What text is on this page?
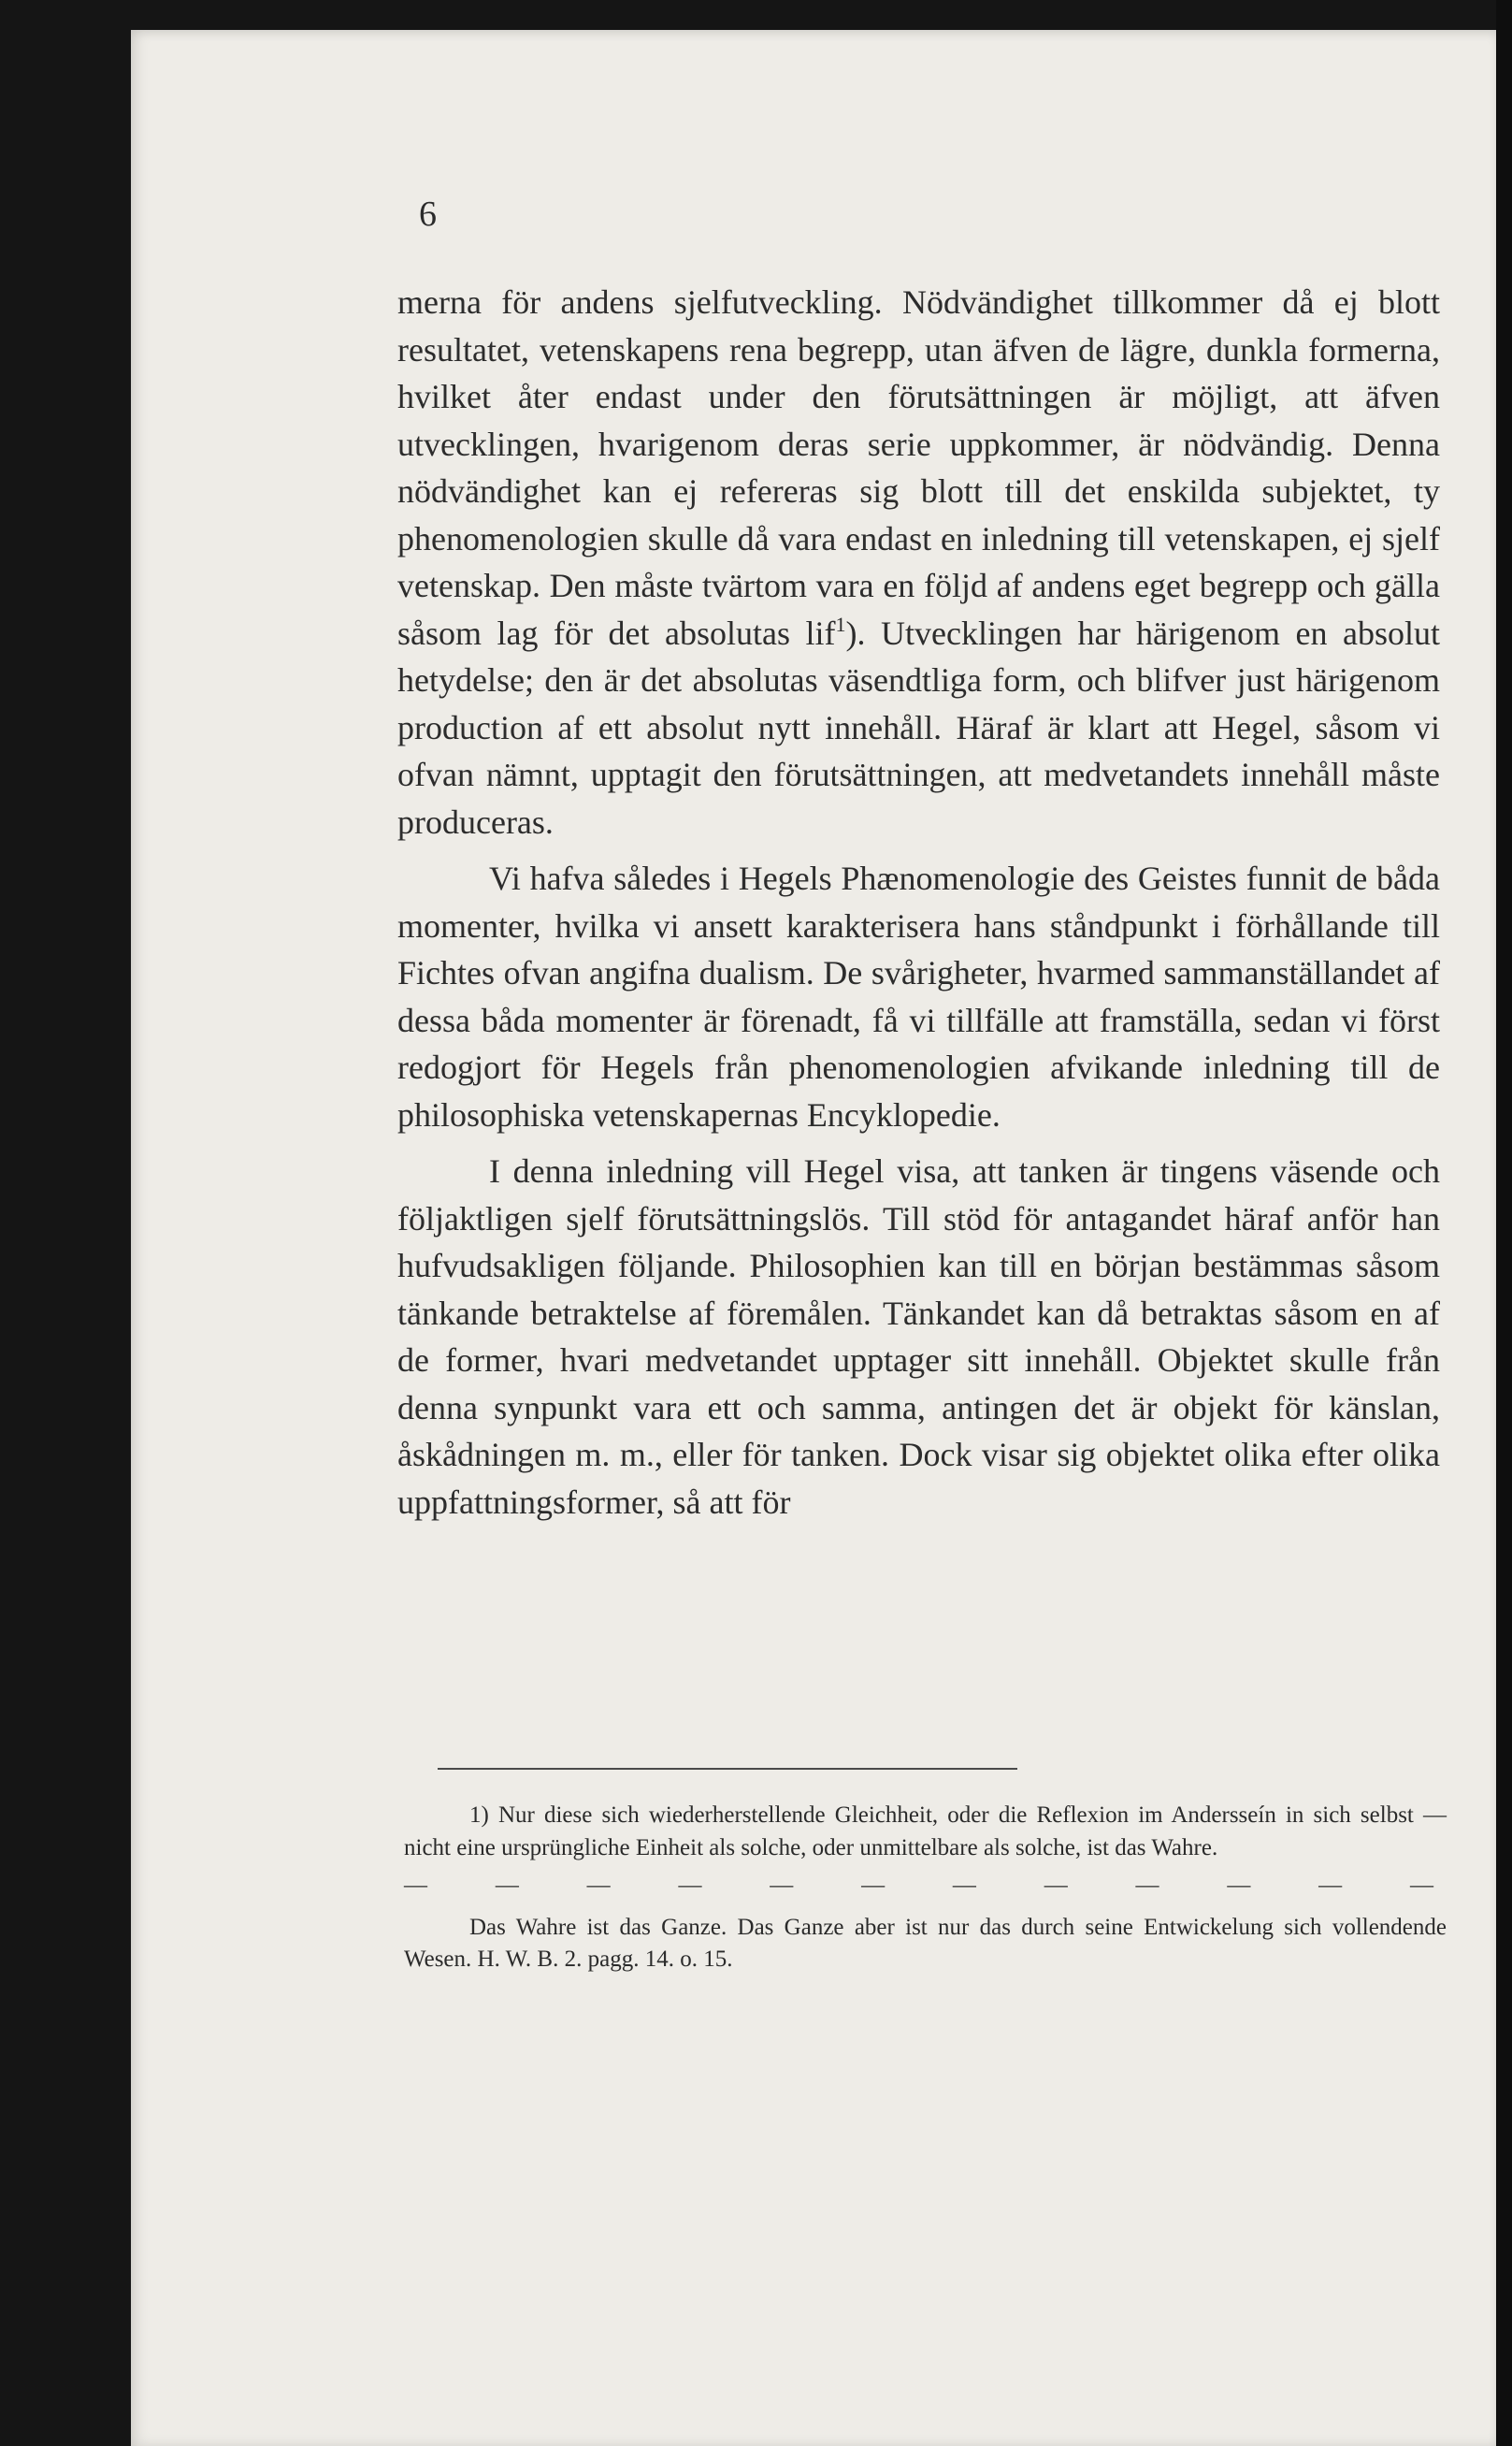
6

merna för andens sjelfutveckling. Nödvändighet tillkommer då ej blott resultatet, vetenskapens rena begrepp, utan äfven de lägre, dunkla formerna, hvilket åter endast under den förutsättningen är möjligt, att äfven utvecklingen, hvarigenom deras serie uppkommer, är nödvändig. Denna nödvändighet kan ej refereras sig blott till det enskilda subjektet, ty phenomenologien skulle då vara endast en inledning till vetenskapen, ej sjelf vetenskap. Den måste tvärtom vara en följd af andens eget begrepp och gälla såsom lag för det absolutas lif$^1$). Utvecklingen har härigenom en absolut hetydelse; den är det absolutas väsendtliga form, och blifver just härigenom production af ett absolut nytt innehåll. Häraf är klart att Hegel, såsom vi ofvan nämnt, upptagit den förutsättningen, att medvetandets innehåll måste produceras.

Vi hafva således i Hegels Phænomenologie des Geistes funnit de båda momenter, hvilka vi ansett karakterisera hans ståndpunkt i förhållande till Fichtes ofvan angifna dualism. De svårigheter, hvarmed sammanställandet af dessa båda momenter är förenadt, få vi tillfälle att framställa, sedan vi först redogjort för Hegels från phenomenologien afvikande inledning till de philosophiska vetenskapernas Encyklopedie.

I denna inledning vill Hegel visa, att tanken är tingens väsende och följaktligen sjelf förutsättningslös. Till stöd för antagandet häraf anför han hufvudsakligen följande. Philosophien kan till en början bestämmas såsom tänkande betraktelse af föremålen. Tänkandet kan då betraktas såsom en af de former, hvari medvetandet upptager sitt innehåll. Objektet skulle från denna synpunkt vara ett och samma, antingen det är objekt för känslan, åskådningen m. m., eller för tanken. Dock visar sig objektet olika efter olika uppfattningsformer, så att för

1) Nur diese sich wiederherstellende Gleichheit, oder die Reflexion im Andersseín in sich selbst — nicht eine ursprüngliche Einheit als solche, oder unmittelbare als solche, ist das Wahre.

— — — — — — — — — — — —

Das Wahre ist das Ganze. Das Ganze aber ist nur das durch seine Entwickelung sich vollendende Wesen. H. W. B. 2. pagg. 14. o. 15.
